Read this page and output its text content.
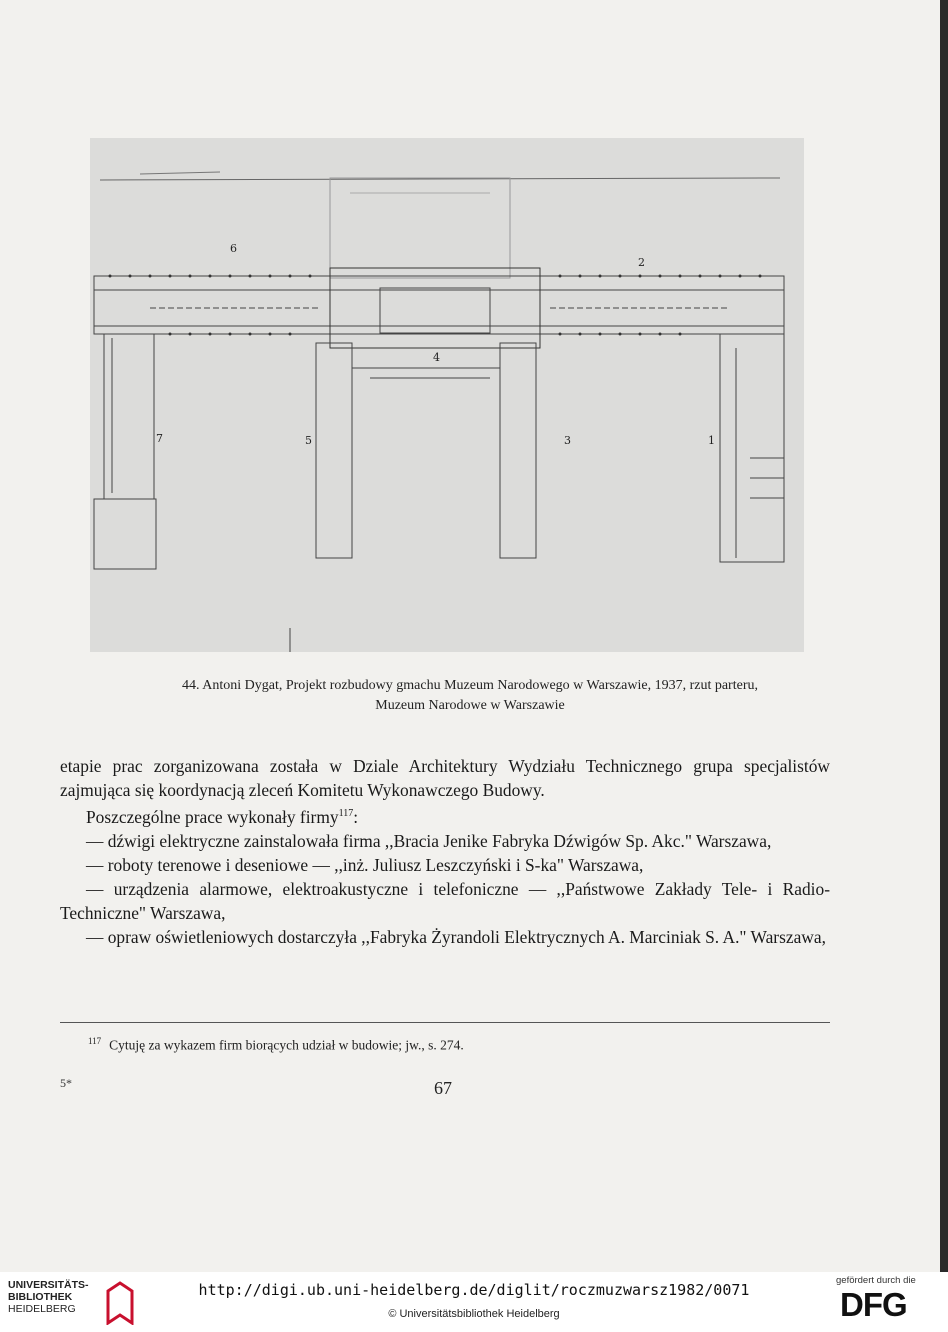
6
2
4
7	5	3	1
44. Antoni Dygat, Projekt rozbudowy gmachu Muzeum Narodowego w Warszawie, 1937, rzut parteru,
Muzeum Narodowe w Warszawie

etapie prac zorganizowana została w Dziale Architektury Wydziału Technicznego grupa specjalistów zajmująca się koordynacją zleceń Komitetu Wykonawczego Budowy.

Poszczególne prace wykonały firmy$^{117}$:

— dźwigi elektryczne zainstalowała firma ,,Bracia Jenike Fabryka Dźwigów Sp. Akc." Warszawa,

— roboty terenowe i deseniowe — ,,inż. Juliusz Leszczyński i S-ka" Warszawa,

— urządzenia alarmowe, elektroakustyczne i telefoniczne — ,,Państwowe Zakłady Tele- i Radio-Techniczne" Warszawa,

— opraw oświetleniowych dostarczyła ,,Fabryka Żyrandoli Elektrycznych A. Marciniak S. A." Warszawa,

$^{117}$ Cytuję za wykazem firm biorących udział w budowie; jw., s. 274.
5*	67
UNIVERSITÄTS-
BIBLIOTHEK
HEIDELBERG
http://digi.ub.uni-heidelberg.de/diglit/roczmuzwarsz1982/0071
© Universitätsbibliothek Heidelberg
gefördert durch die
DFG
